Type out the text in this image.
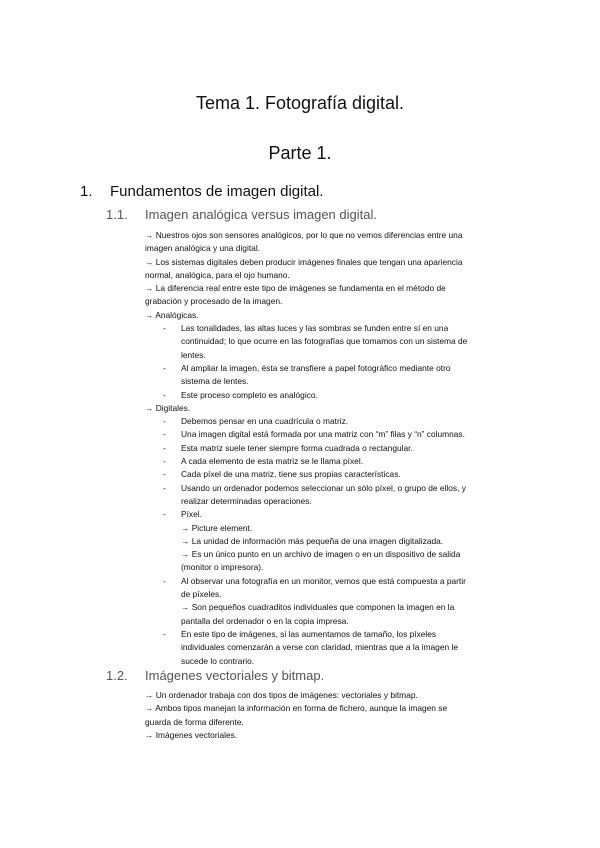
Tema 1. Fotografía digital.
Parte 1.
1. Fundamentos de imagen digital.
1.1. Imagen analógica versus imagen digital.
→ Nuestros ojos son sensores analógicos, por lo que no vemos diferencias entre una
imagen analógica y una digital.
→ Los sistemas digitales deben producir imágenes finales que tengan una apariencia
normal, analógica, para el ojo humano.
→ La diferencia real entre este tipo de imágenes se fundamenta en el método de
grabación y procesado de la imagen.
→ Analógicas.
- Las tonalidades, las altas luces y las sombras se funden entre sí en una
continuidad; lo que ocurre en las fotografías que tomamos con un sistema de
lentes.
- Al ampliar la imagen, ésta se transfiere a papel fotográfico mediante otro
sistema de lentes.
- Este proceso completo es analógico.
→ Digitales.
- Debemos pensar en una cuadrícula o matriz.
- Una imagen digital está formada por una matriz con “m” filas y “n” columnas.
- Esta matriz suele tener siempre forma cuadrada o rectangular.
- A cada elemento de esta matriz se le llama píxel.
- Cada píxel de una matriz, tiene sus propias características.
- Usando un ordenador podemos seleccionar un sólo píxel, o grupo de ellos, y
realizar determinadas operaciones.
- Píxel.
→ Picture element.
→ La unidad de información más pequeña de una imagen digitalizada.
→ Es un único punto en un archivo de imagen o en un dispositivo de salida
(monitor o impresora).
- Al observar una fotografía en un monitor, vemos que está compuesta a partir
de píxeles.
→ Son pequeños cuadraditos individuales que componen la imagen en la
pantalla del ordenador o en la copia impresa.
- En este tipo de imágenes, si las aumentamos de tamaño, los píxeles
individuales comenzarán a verse con claridad, mientras que a la imagen le
sucede lo contrario.
1.2. Imágenes vectoriales y bitmap.
→ Un ordenador trabaja con dos tipos de imágenes: vectoriales y bitmap.
→ Ambos tipos manejan la información en forma de fichero, aunque la imagen se
guarda de forma diferente.
→ Imágenes vectoriales.
